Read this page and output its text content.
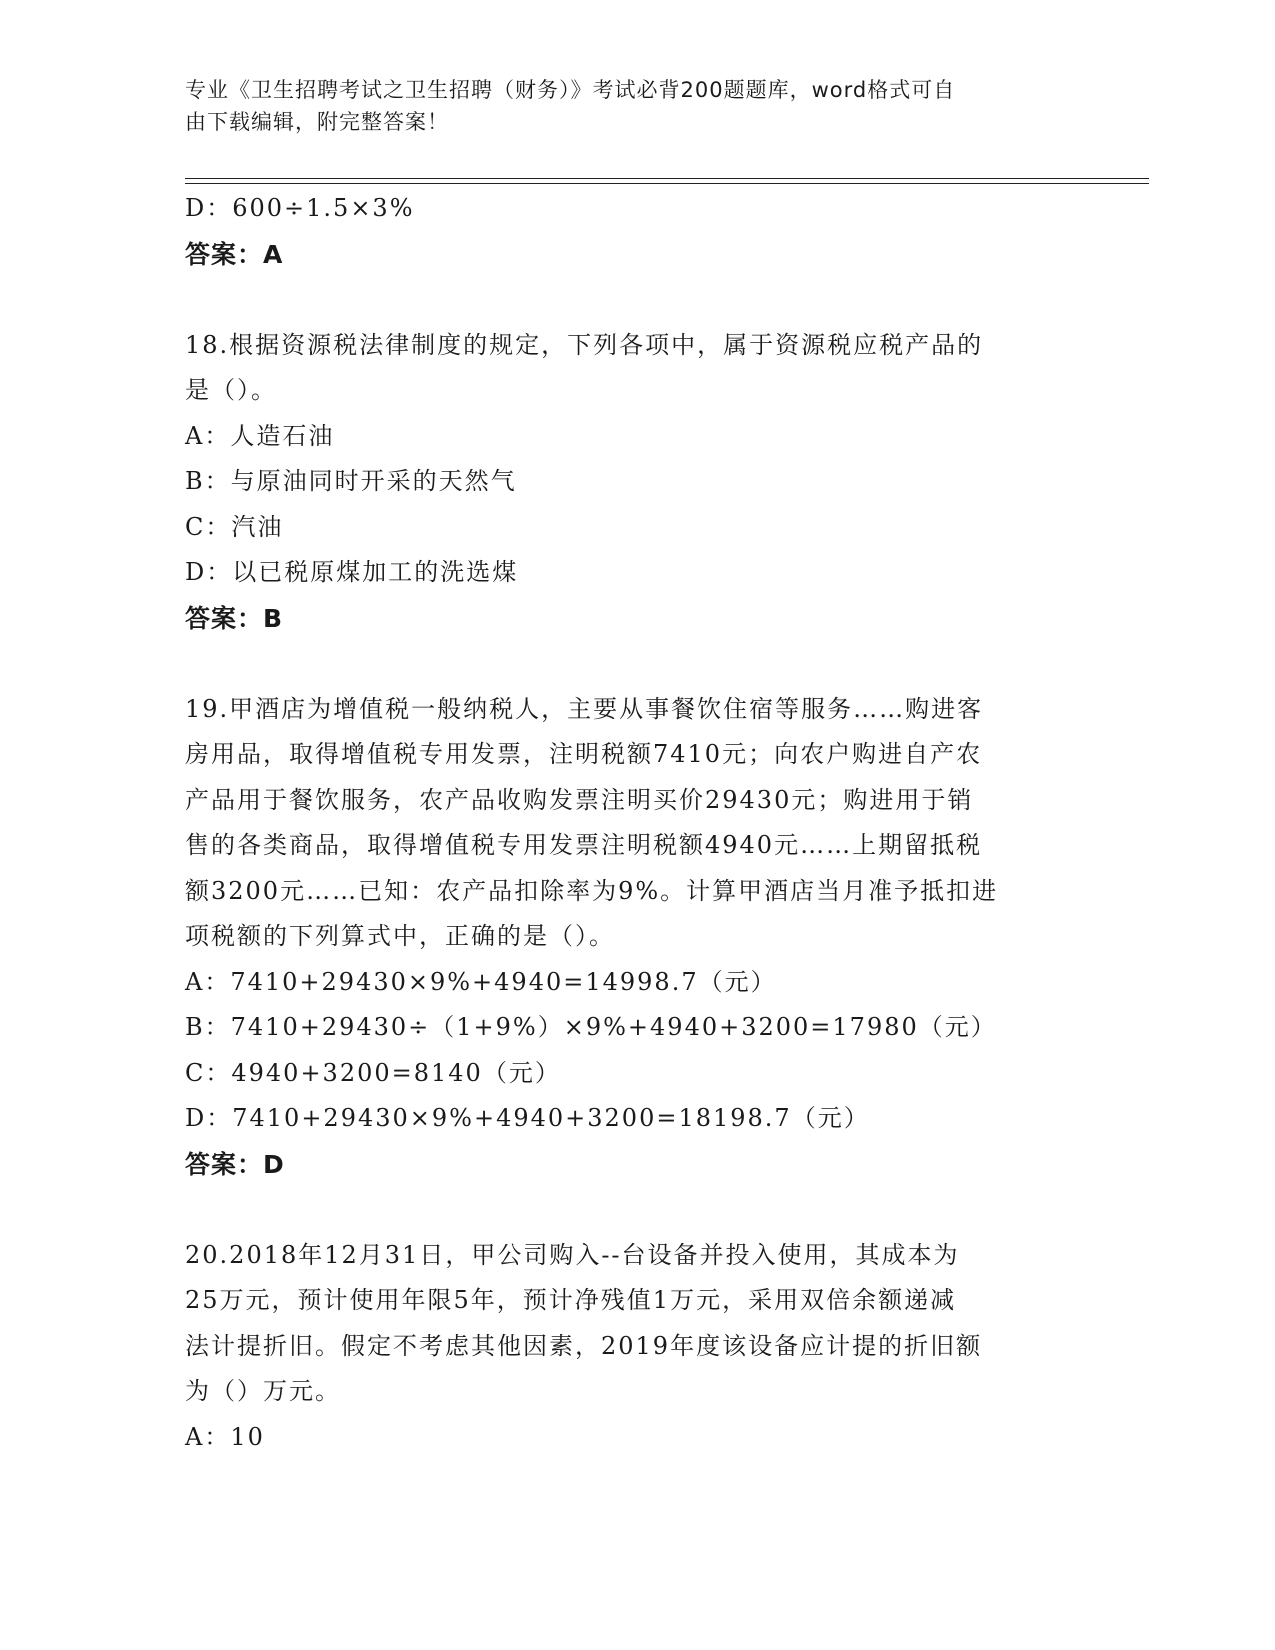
专业《卫生招聘考试之卫生招聘（财务）》考试必背200题题库，word格式可自
由下载编辑，附完整答案！
D：600÷1.5×3%
答案：A
18.根据资源税法律制度的规定，下列各项中，属于资源税应税产品的
是（）。
A：人造石油
B：与原油同时开采的天然气
C：汽油
D：以已税原煤加工的洗选煤
答案：B
19.甲酒店为增值税一般纳税人，主要从事餐饮住宿等服务……购进客
房用品，取得增值税专用发票，注明税额7410元；向农户购进自产农
产品用于餐饮服务，农产品收购发票注明买价29430元；购进用于销
售的各类商品，取得增值税专用发票注明税额4940元……上期留抵税
额3200元……已知：农产品扣除率为9%。计算甲酒店当月准予抵扣进
项税额的下列算式中，正确的是（）。
A：7410+29430×9%+4940=14998.7（元）
B：7410+29430÷（1+9%）×9%+4940+3200=17980（元）
C：4940+3200=8140（元）
D：7410+29430×9%+4940+3200=18198.7（元）
答案：D
20.2018年12月31日，甲公司购入--台设备并投入使用，其成本为
25万元，预计使用年限5年，预计净残值1万元，采用双倍余额递减
法计提折旧。假定不考虑其他因素，2019年度该设备应计提的折旧额
为（）万元。
A：10
